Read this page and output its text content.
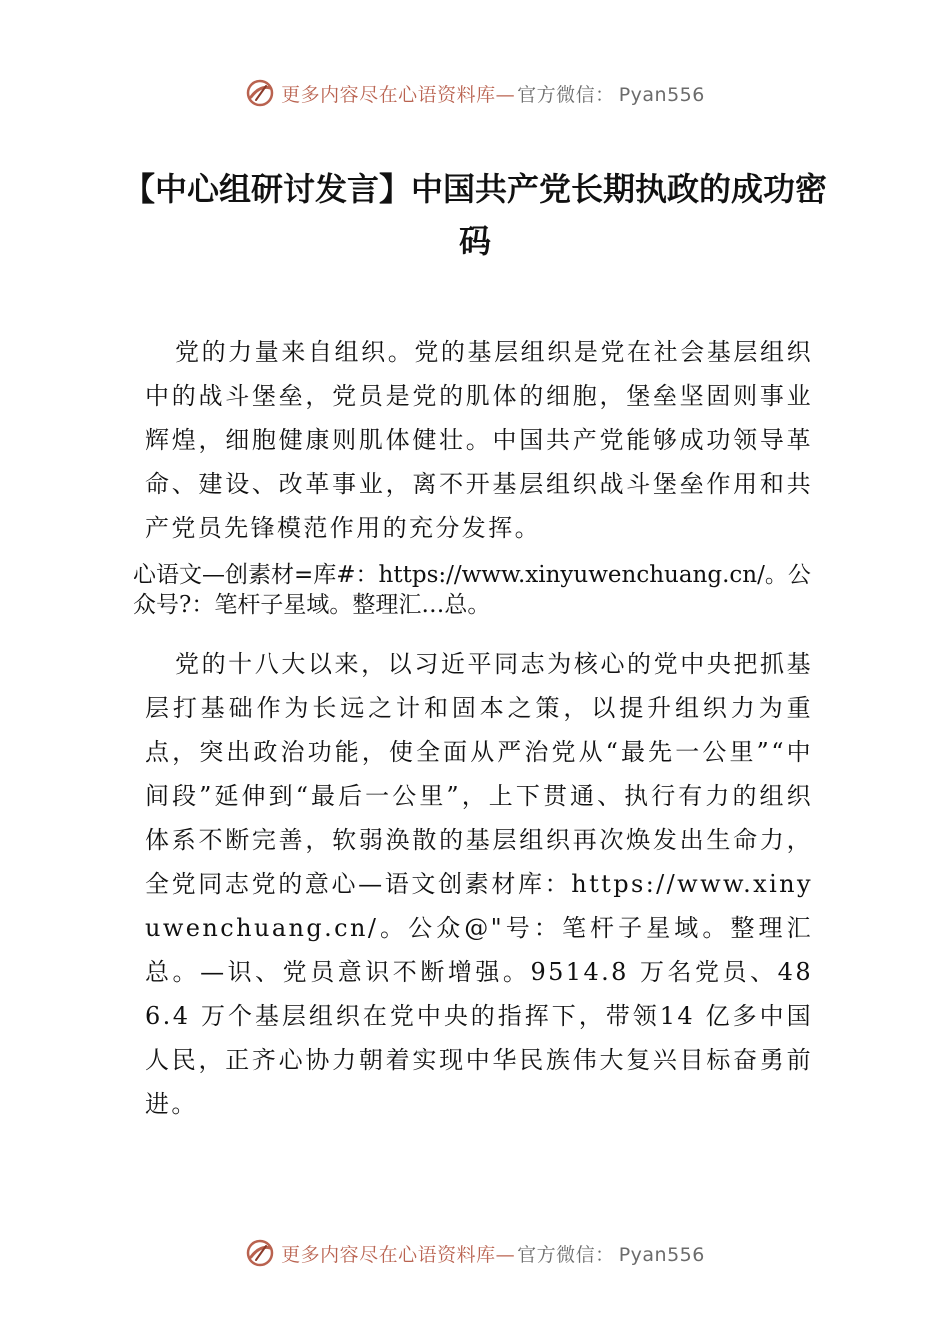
更多内容尽在心语资料库— 官方微信： Pyan556
【中心组研讨发言】中国共产党长期执政的成功密码

党的力量来自组织。党的基层组织是党在社会基层组织中的战斗堡垒，党员是党的肌体的细胞，堡垒坚固则事业辉煌，细胞健康则肌体健壮。中国共产党能够成功领导革命、建设、改革事业，离不开基层组织战斗堡垒作用和共产党员先锋模范作用的充分发挥。

心语文—创素材=库#：https://www.xinyuwenchuang.cn/。公众号?：笔杆子星域。整理汇…总。

党的十八大以来，以习近平同志为核心的党中央把抓基层打基础作为长远之计和固本之策，以提升组织力为重点，突出政治功能，使全面从严治党从“最先一公里”“中间段”延伸到“最后一公里”，上下贯通、执行有力的组织体系不断完善，软弱涣散的基层组织再次焕发出生命力，全党同志党的意心—语文创素材库：https://www.xinyuwenchuang.cn/。公众@"号：笔杆子星域。整理汇总。—识、党员意识不断增强。9514.8 万名党员、486.4 万个基层组织在党中央的指挥下，带领14 亿多中国人民，正齐心协力朝着实现中华民族伟大复兴目标奋勇前进。

更多内容尽在心语资料库— 官方微信： Pyan556
